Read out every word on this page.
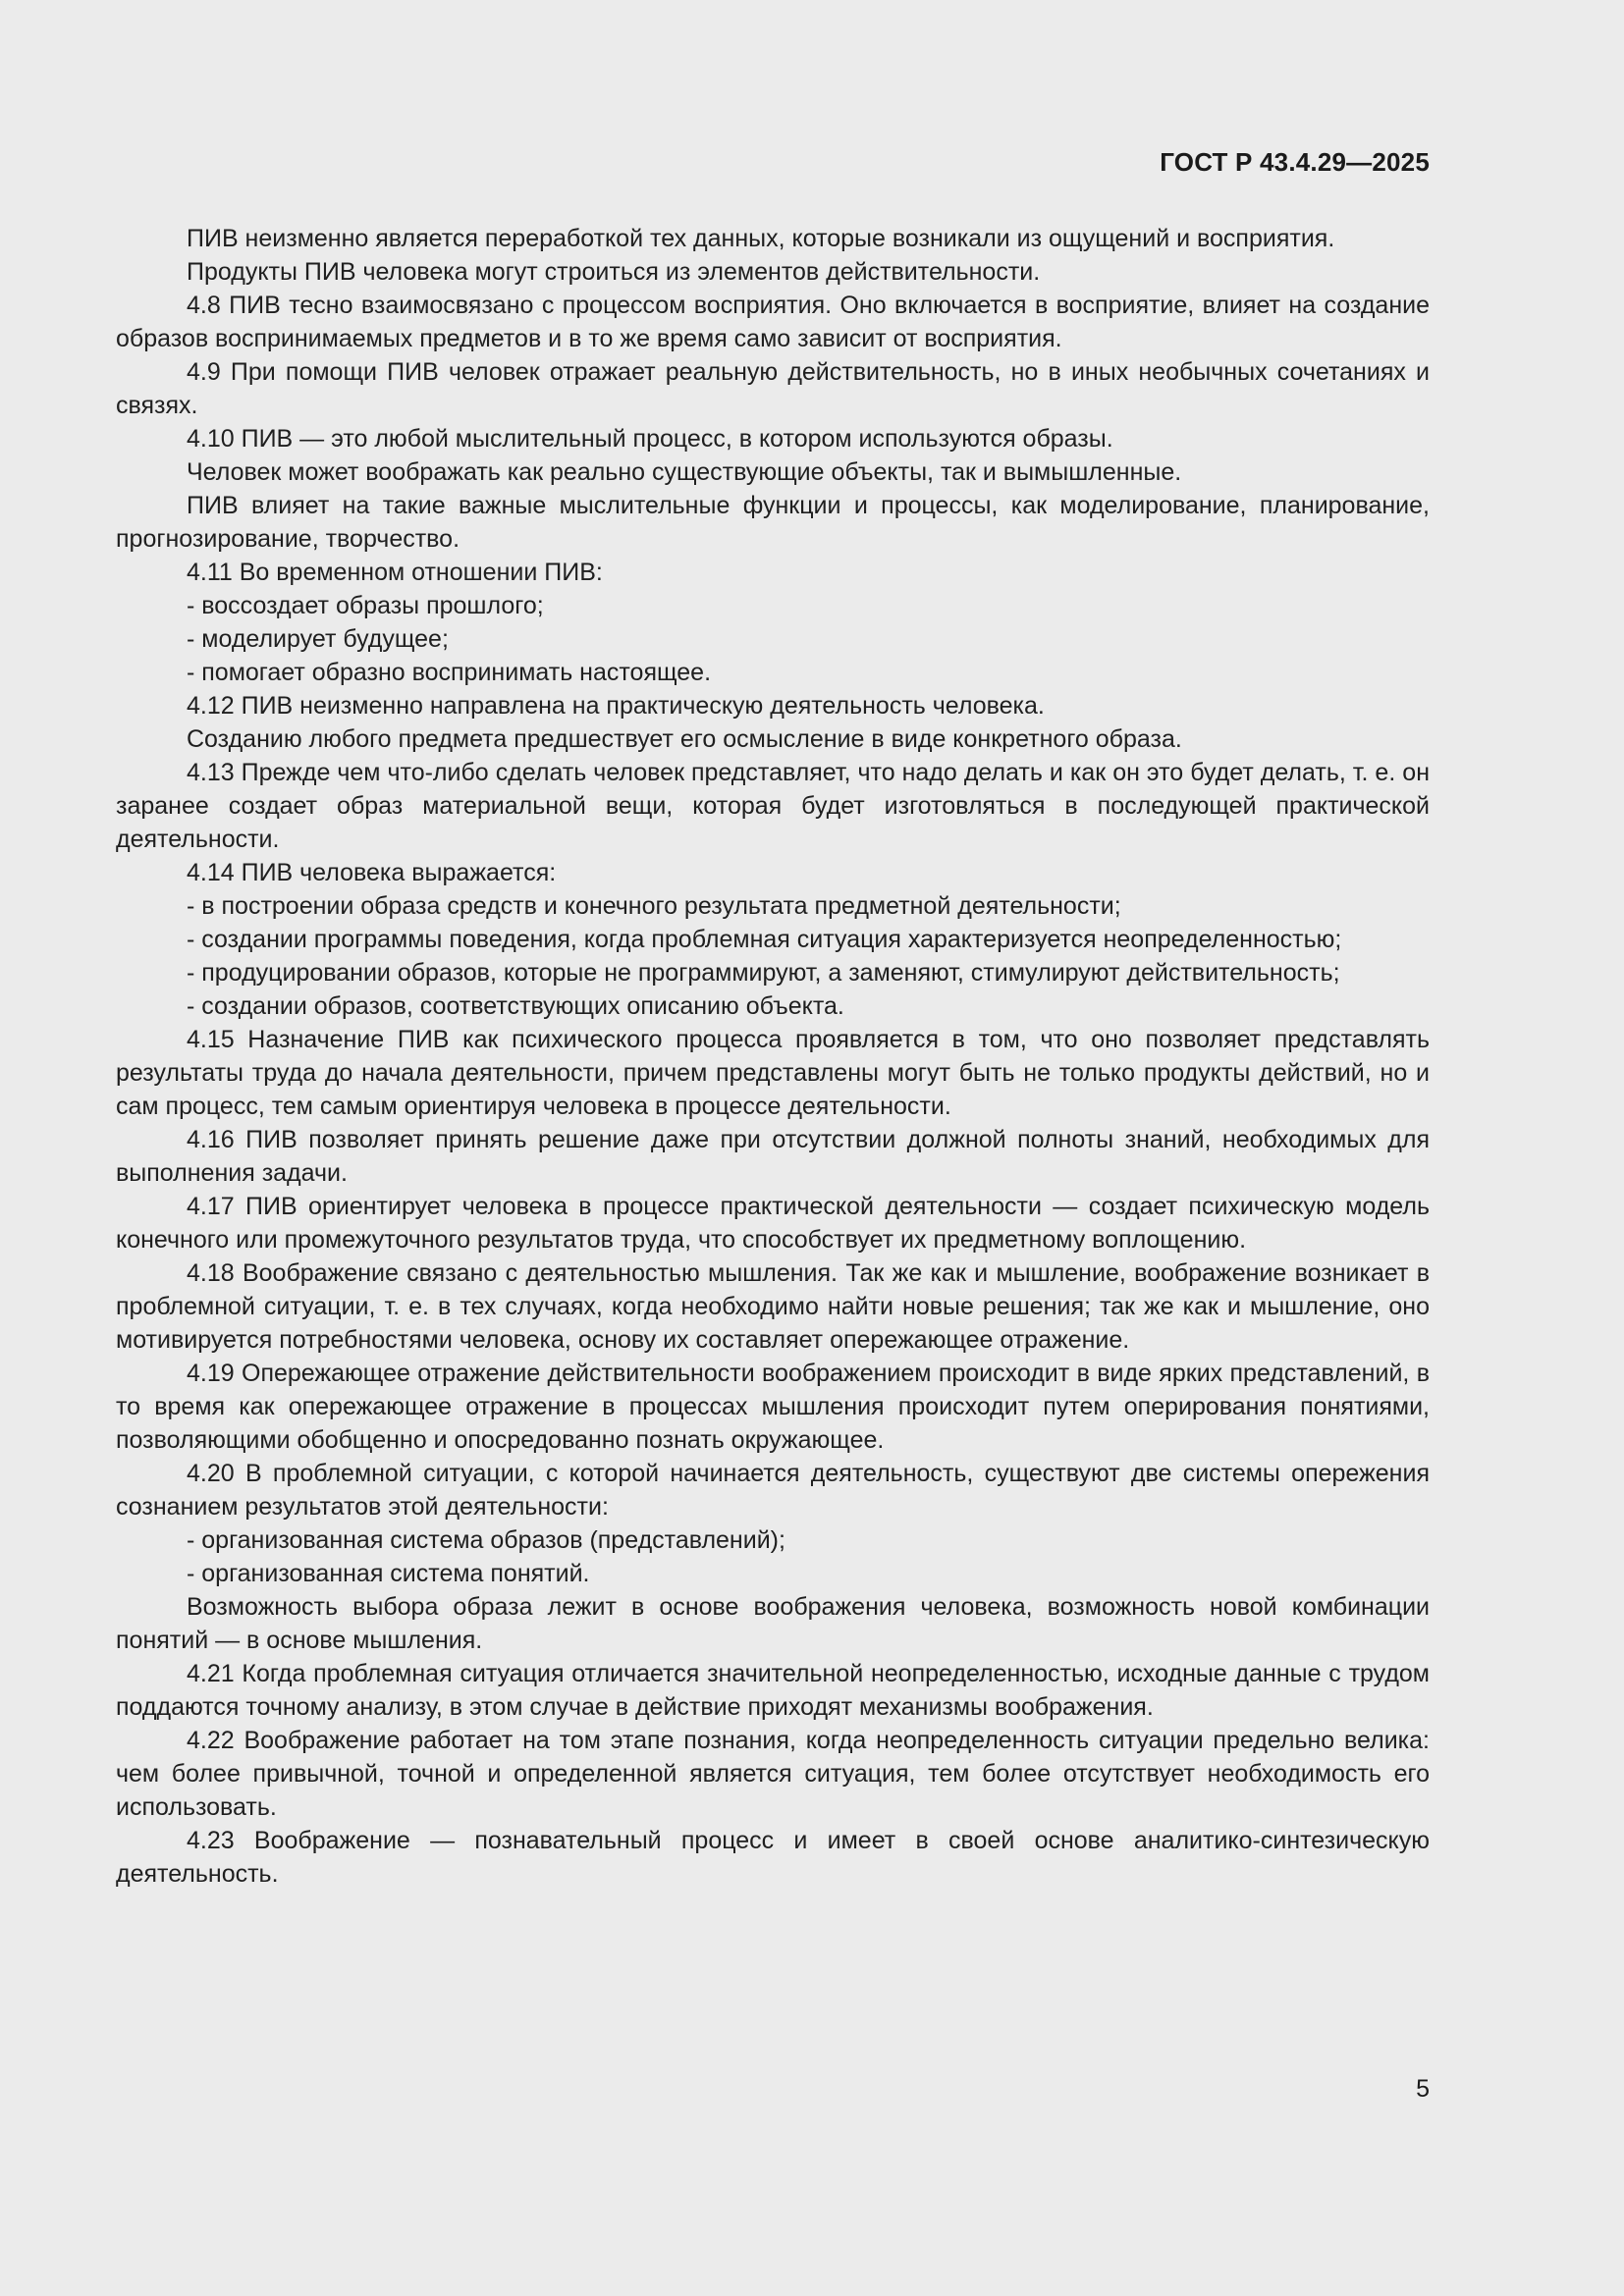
ГОСТ Р 43.4.29—2025

ПИВ неизменно является переработкой тех данных, которые возникали из ощущений и восприятия.

Продукты ПИВ человека могут строиться из элементов действительности.

4.8 ПИВ тесно взаимосвязано с процессом восприятия. Оно включается в восприятие, влияет на создание образов воспринимаемых предметов и в то же время само зависит от восприятия.

4.9 При помощи ПИВ человек отражает реальную действительность, но в иных необычных сочетаниях и связях.

4.10 ПИВ — это любой мыслительный процесс, в котором используются образы.

Человек может воображать как реально существующие объекты, так и вымышленные.

ПИВ влияет на такие важные мыслительные функции и процессы, как моделирование, планирование, прогнозирование, творчество.

4.11 Во временном отношении ПИВ:

- воссоздает образы прошлого;

- моделирует будущее;

- помогает образно воспринимать настоящее.

4.12 ПИВ неизменно направлена на практическую деятельность человека.

Созданию любого предмета предшествует его осмысление в виде конкретного образа.

4.13 Прежде чем что-либо сделать человек представляет, что надо делать и как он это будет делать, т. е. он заранее создает образ материальной вещи, которая будет изготовляться в последующей практической деятельности.

4.14 ПИВ человека выражается:

- в построении образа средств и конечного результата предметной деятельности;

- создании программы поведения, когда проблемная ситуация характеризуется неопределенностью;

- продуцировании образов, которые не программируют, а заменяют, стимулируют действительность;

- создании образов, соответствующих описанию объекта.

4.15 Назначение ПИВ как психического процесса проявляется в том, что оно позволяет представлять результаты труда до начала деятельности, причем представлены могут быть не только продукты действий, но и сам процесс, тем самым ориентируя человека в процессе деятельности.

4.16 ПИВ позволяет принять решение даже при отсутствии должной полноты знаний, необходимых для выполнения задачи.

4.17 ПИВ ориентирует человека в процессе практической деятельности — создает психическую модель конечного или промежуточного результатов труда, что способствует их предметному воплощению.

4.18 Воображение связано с деятельностью мышления. Так же как и мышление, воображение возникает в проблемной ситуации, т. е. в тех случаях, когда необходимо найти новые решения; так же как и мышление, оно мотивируется потребностями человека, основу их составляет опережающее отражение.

4.19 Опережающее отражение действительности воображением происходит в виде ярких представлений, в то время как опережающее отражение в процессах мышления происходит путем оперирования понятиями, позволяющими обобщенно и опосредованно познать окружающее.

4.20 В проблемной ситуации, с которой начинается деятельность, существуют две системы опережения сознанием результатов этой деятельности:

- организованная система образов (представлений);

- организованная система понятий.

Возможность выбора образа лежит в основе воображения человека, возможность новой комбинации понятий — в основе мышления.

4.21 Когда проблемная ситуация отличается значительной неопределенностью, исходные данные с трудом поддаются точному анализу, в этом случае в действие приходят механизмы воображения.

4.22 Воображение работает на том этапе познания, когда неопределенность ситуации предельно велика: чем более привычной, точной и определенной является ситуация, тем более отсутствует необходимость его использовать.

4.23 Воображение — познавательный процесс и имеет в своей основе аналитико-синтезическую деятельность.

5
